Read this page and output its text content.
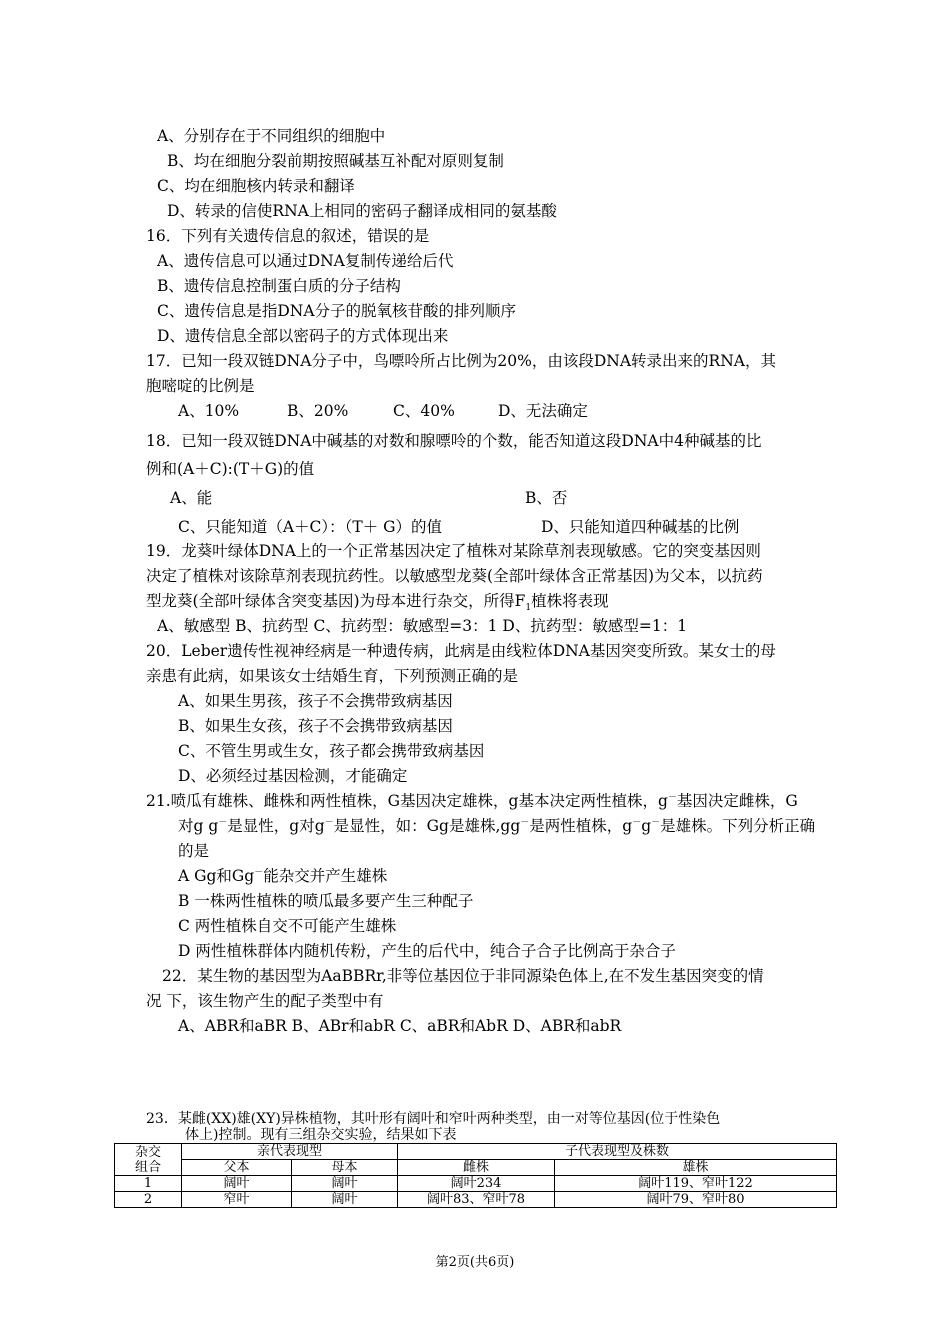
A、分别存在于不同组织的细胞中
B、均在细胞分裂前期按照碱基互补配对原则复制
C、均在细胞核内转录和翻译
D、转录的信使RNA上相同的密码子翻译成相同的氨基酸
16．下列有关遗传信息的叙述，错误的是
A、遗传信息可以通过DNA复制传递给后代
B、遗传信息控制蛋白质的分子结构
C、遗传信息是指DNA分子的脱氧核苷酸的排列顺序
D、遗传信息全部以密码子的方式体现出来
17．已知一段双链DNA分子中，鸟嘌呤所占比例为20%，由该段DNA转录出来的RNA，其
胞嘧啶的比例是
A、10%	B、20%	C、40%	D、无法确定
18．已知一段双链DNA中碱基的对数和腺嘌呤的个数，能否知道这段DNA中4种碱基的比
例和(A＋C):(T＋G)的值
A、能	B、否
C、只能知道（A＋C）：（T＋ G）的值	D、只能知道四种碱基的比例
19．龙葵叶绿体DNA上的一个正常基因决定了植株对某除草剂表现敏感。它的突变基因则
决定了植株对该除草剂表现抗药性。以敏感型龙葵(全部叶绿体含正常基因)为父本，以抗药
型龙葵(全部叶绿体含突变基因)为母本进行杂交，所得$F_1$植株将表现
A、敏感型 B、抗药型 C、抗药型：敏感型=3：1 D、抗药型：敏感型=1：1
20．Leber遗传性视神经病是一种遗传病，此病是由线粒体DNA基因突变所致。某女士的母
亲患有此病，如果该女士结婚生育，下列预测正确的是
A、如果生男孩，孩子不会携带致病基因
B、如果生女孩，孩子不会携带致病基因
C、不管生男或生女，孩子都会携带致病基因
D、必须经过基因检测，才能确定
21.喷瓜有雄株、雌株和两性植株，G基因决定雄株，g基本决定两性植株，g－基因决定雌株，G
对g g－是显性，g对g－是显性，如：Gg是雄株,gg－是两性植株，g－g－是雄株。下列分析正确
的是
A Gg和Gg－能杂交并产生雄株
B 一株两性植株的喷瓜最多要产生三种配子
C 两性植株自交不可能产生雄株
D 两性植株群体内随机传粉，产生的后代中，纯合子合子比例高于杂合子
22．某生物的基因型为AaBBRr,非等位基因位于非同源染色体上,在不发生基因突变的情
况 下，该生物产生的配子类型中有
A、ABR和aBR B、ABr和abR C、aBR和AbR D、ABR和abR
23．某雌(XX)雄(XY)异株植物，其叶形有阔叶和窄叶两种类型，由一对等位基因(位于性染色
体上)控制。现有三组杂交实验，结果如下表
杂交
组合	亲代表现型		子代表现型及株数	
	父本	母本	雌株	雄株
1	阔叶	阔叶	阔叶234	阔叶119、窄叶122
2	窄叶	阔叶	阔叶83、窄叶78	阔叶79、窄叶80
第2页(共6页)
